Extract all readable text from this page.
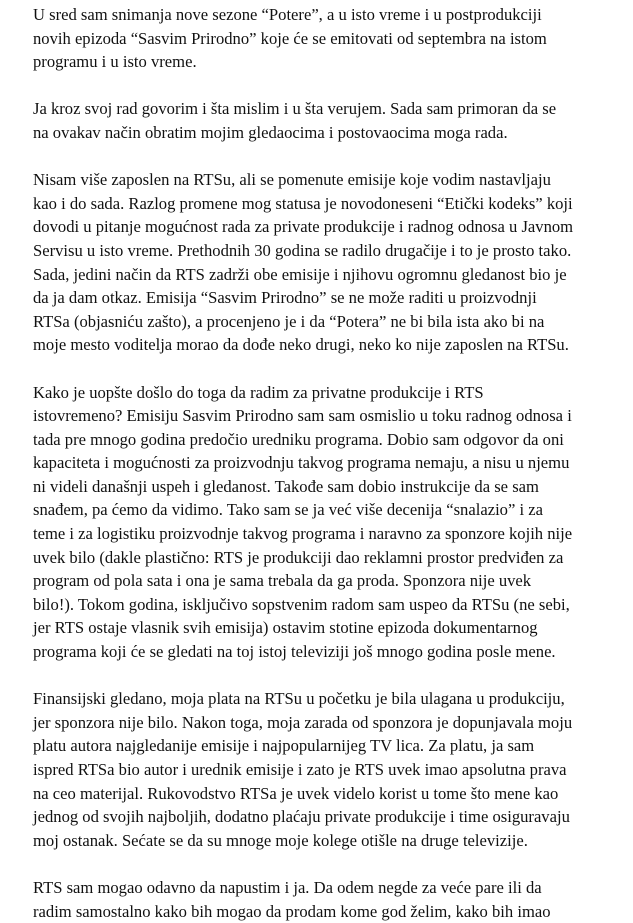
U sred sam snimanja nove sezone “Potere”, a u isto vreme i u postprodukciji
novih epizoda “Sasvim Prirodno” koje će se emitovati od septembra na istom
programu i u isto vreme.

Ja kroz svoj rad govorim i šta mislim i u šta verujem. Sada sam primoran da se
na ovakav način obratim mojim gledaocima i postovaocima moga rada.

Nisam više zaposlen na RTSu, ali se pomenute emisije koje vodim nastavljaju
kao i do sada. Razlog promene mog statusa je novodoneseni “Etički kodeks” koji
dovodi u pitanje mogućnost rada za private produkcije i radnog odnosa u Javnom
Servisu u isto vreme. Prethodnih 30 godina se radilo drugačije i to je prosto tako.
Sada, jedini način da RTS zadrži obe emisije i njihovu ogromnu gledanost bio je
da ja dam otkaz. Emisija “Sasvim Prirodno” se ne može raditi u proizvodnji
RTSa (objasniću zašto), a procenjeno je i da “Potera” ne bi bila ista ako bi na
moje mesto voditelja morao da dođe neko drugi, neko ko nije zaposlen na RTSu.

Kako je uopšte došlo do toga da radim za privatne produkcije i RTS
istovremeno? Emisiju Sasvim Prirodno sam sam osmislio u toku radnog odnosa i
tada pre mnogo godina predočio uredniku programa. Dobio sam odgovor da oni
kapaciteta i mogućnosti za proizvodnju takvog programa nemaju, a nisu u njemu
ni videli današnji uspeh i gledanost. Takođe sam dobio instrukcije da se sam
snađem, pa ćemo da vidimo. Tako sam se ja već više decenija “snalazio” i za
teme i za logistiku proizvodnje takvog programa i naravno za sponzore kojih nije
uvek bilo (dakle plastično: RTS je produkciji dao reklamni prostor predviđen za
program od pola sata i ona je sama trebala da ga proda. Sponzora nije uvek
bilo!). Tokom godina, isključivo sopstvenim radom sam uspeo da RTSu (ne sebi,
jer RTS ostaje vlasnik svih emisija) ostavim stotine epizoda dokumentarnog
programa koji će se gledati na toj istoj televiziji još mnogo godina posle mene.

Finansijski gledano, moja plata na RTSu u početku je bila ulagana u produkciju,
jer sponzora nije bilo. Nakon toga, moja zarada od sponzora je dopunjavala moju
platu autora najgledanije emisije i najpopularnijeg TV lica. Za platu, ja sam
ispred RTSa bio autor i urednik emisije i zato je RTS uvek imao apsolutna prava
na ceo materijal. Rukovodstvo RTSa je uvek videlo korist u tome što mene kao
jednog od svojih najboljih, dodatno plaćaju private produkcije i time osiguravaju
moj ostanak. Sećate se da su mnoge moje kolege otišle na druge televizije.

RTS sam mogao odavno da napustim i ja. Da odem negde za veće pare ili da
radim samostalno kako bih mogao da prodam kome god želim, kako bih imao
